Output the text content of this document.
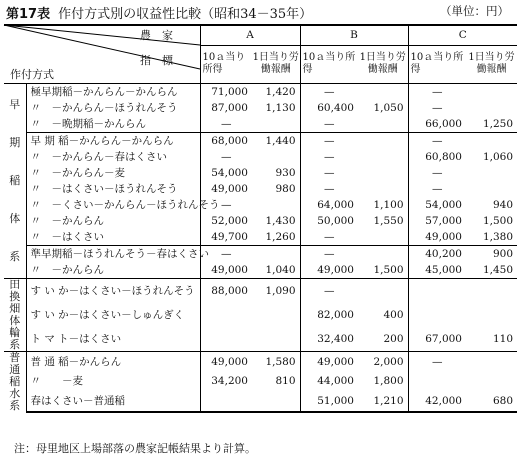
第17表 作付方式別の収益性比較（昭和34－35年）	（単位：円）
農　家
指　標
作付方式
		A		B		C	
		10ａ当り所得	1日当り労働報酬	10ａ当り所得	1日当り労働報酬	10ａ当り所得	1日当り労働報酬
早期稲体系	極早期稲－かんらん－かんらん	71,000	1,420	—		—	
	〃　－かんらん－ほうれんそう	87,000	1,130	60,400	1,050	—	
	〃　－晩期稲－かんらん	—		—		66,000	1,250
	早 期 稲－かんらん－かんらん	68,000	1,440	—		—	
	〃　－かんらん－春はくさい	—		—		60,800	1,060
	〃　－かんらん－麦	54,000	930	—		—	
	〃　－はくさい－ほうれんそう	49,000	980	—		—	
	〃　－くさい－かんらん－ほうれんそう	—		64,000	1,100	54,000	940
	〃　－かんらん	52,000	1,430	50,000	1,550	57,000	1,500
	〃　－はくさい	49,700	1,260	—		49,000	1,380
	準早期稲－ほうれんそう－春はくさい	—		—		40,200	900
	〃　－かんらん	49,000	1,040	49,000	1,500	45,000	1,450
田換畑体輪系	す い か－はくさい－ほうれんそう	88,000	1,090	—			
	す い か－はくさい－しゅんぎく			82,000	400		
	ト マ ト－はくさい			32,400	200	67,000	110
普通稲水系	普 通 稲－かんらん	49,000	1,580	49,000	2,000	—	
	〃　　－麦	34,200	810	44,000	1,800		
	春はくさい－普通稲			51,000	1,210	42,000	680
注：母里地区上場部落の農家記帳結果より計算。
